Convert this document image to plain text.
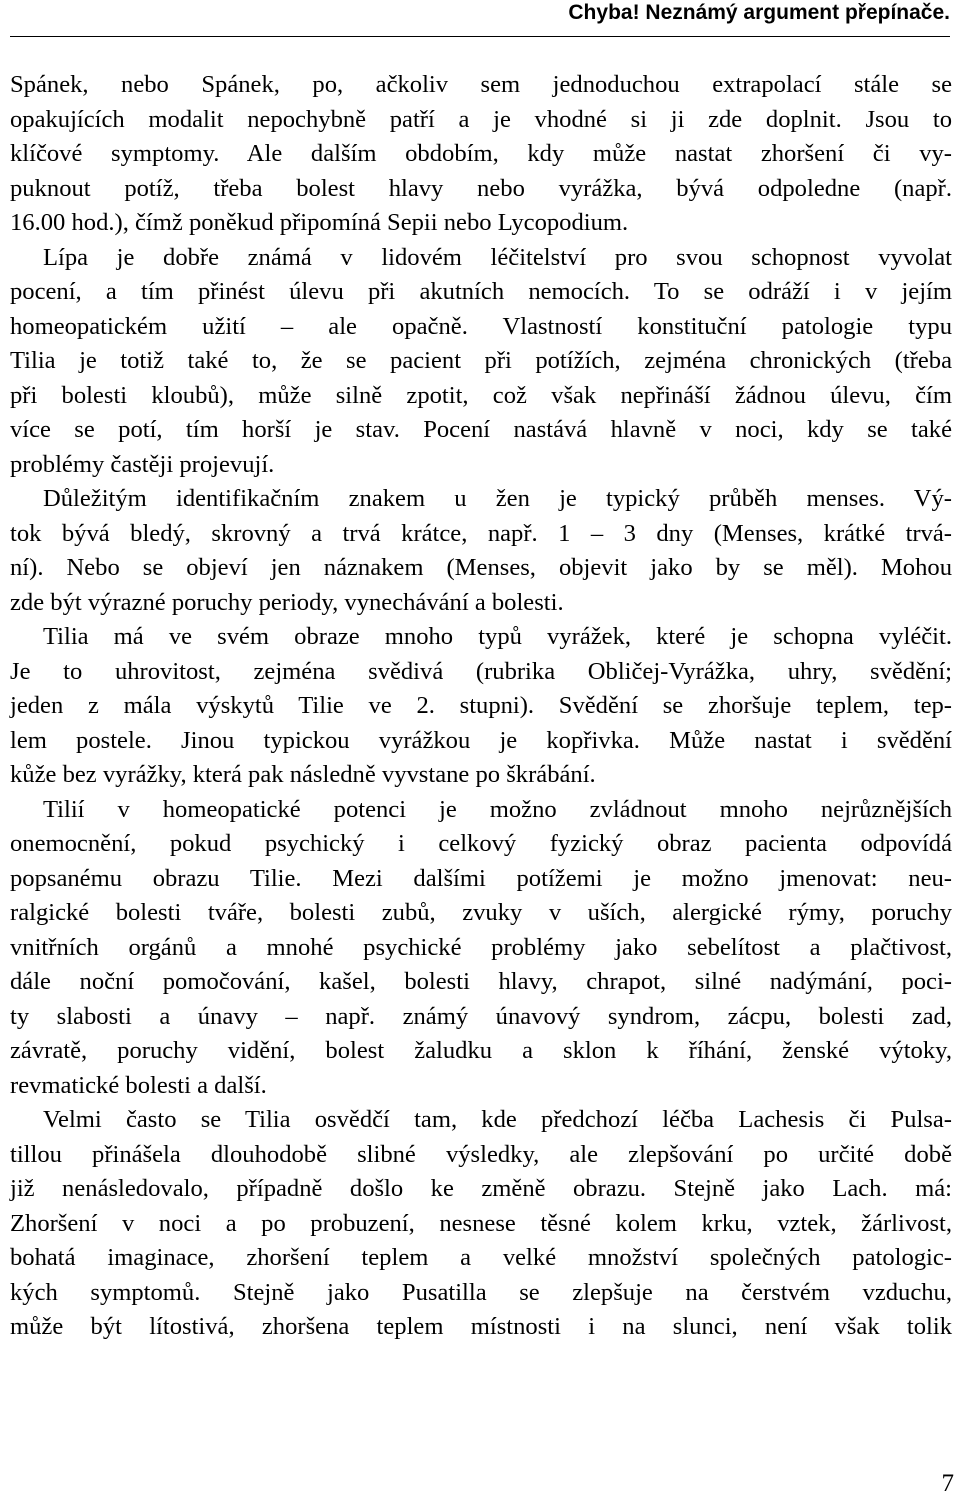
Chyba! Neznámý argument přepínače.

Spánek, nebo Spánek, po, ačkoliv sem jednoduchou extrapolací stále se
opakujících modalit nepochybně patří a je vhodné si ji zde doplnit. Jsou to
klíčové symptomy. Ale dalším obdobím, kdy může nastat zhoršení či vy-
puknout potíž, třeba bolest hlavy nebo vyrážka, bývá odpoledne (např.
16.00 hod.), čímž poněkud připomíná Sepii nebo Lycopodium.

Lípa je dobře známá v lidovém léčitelství pro svou schopnost vyvolat
pocení, a tím přinést úlevu při akutních nemocích. To se odráží i v jejím
homeopatickém užití – ale opačně. Vlastností konstituční patologie typu
Tilia je totiž také to, že se pacient při potížích, zejména chronických (třeba
při bolesti kloubů), může silně zpotit, což však nepřináší žádnou úlevu, čím
více se potí, tím horší je stav. Pocení nastává hlavně v noci, kdy se také
problémy častěji projevují.

Důležitým identifikačním znakem u žen je typický průběh menses. Vý-
tok bývá bledý, skrovný a trvá krátce, např. 1 – 3 dny (Menses, krátké trvá-
ní). Nebo se objeví jen náznakem (Menses, objevit jako by se měl). Mohou
zde být výrazné poruchy periody, vynechávání a bolesti.

Tilia má ve svém obraze mnoho typů vyrážek, které je schopna vyléčit.
Je to uhrovitost, zejména svědivá (rubrika Obličej-Vyrážka, uhry, svědění;
jeden z mála výskytů Tilie ve 2. stupni). Svědění se zhoršuje teplem, tep-
lem postele. Jinou typickou vyrážkou je kopřivka. Může nastat i svědění
kůže bez vyrážky, která pak následně vyvstane po škrábání.

Tilií v homeopatické potenci je možno zvládnout mnoho nejrůznějších
onemocnění, pokud psychický i celkový fyzický obraz pacienta odpovídá
popsanému obrazu Tilie. Mezi dalšími potížemi je možno jmenovat: neu-
ralgické bolesti tváře, bolesti zubů, zvuky v uších, alergické rýmy, poruchy
vnitřních orgánů a mnohé psychické problémy jako sebelítost a plačtivost,
dále noční pomočování, kašel, bolesti hlavy, chrapot, silné nadýmání, poci-
ty slabosti a únavy – např. známý únavový syndrom, zácpu, bolesti zad,
závratě, poruchy vidění, bolest žaludku a sklon k říhání, ženské výtoky,
revmatické bolesti a další.

Velmi často se Tilia osvědčí tam, kde předchozí léčba Lachesis či Pulsa-
tillou přinášela dlouhodobě slibné výsledky, ale zlepšování po určité době
již nenásledovalo, případně došlo ke změně obrazu. Stejně jako Lach. má:
Zhoršení v noci a po probuzení, nesnese těsné kolem krku, vztek, žárlivost,
bohatá imaginace, zhoršení teplem a velké množství společných patologic-
kých symptomů. Stejně jako Pusatilla se zlepšuje na čerstvém vzduchu,
může být lítostivá, zhoršena teplem místnosti i na slunci, není však tolik

7
